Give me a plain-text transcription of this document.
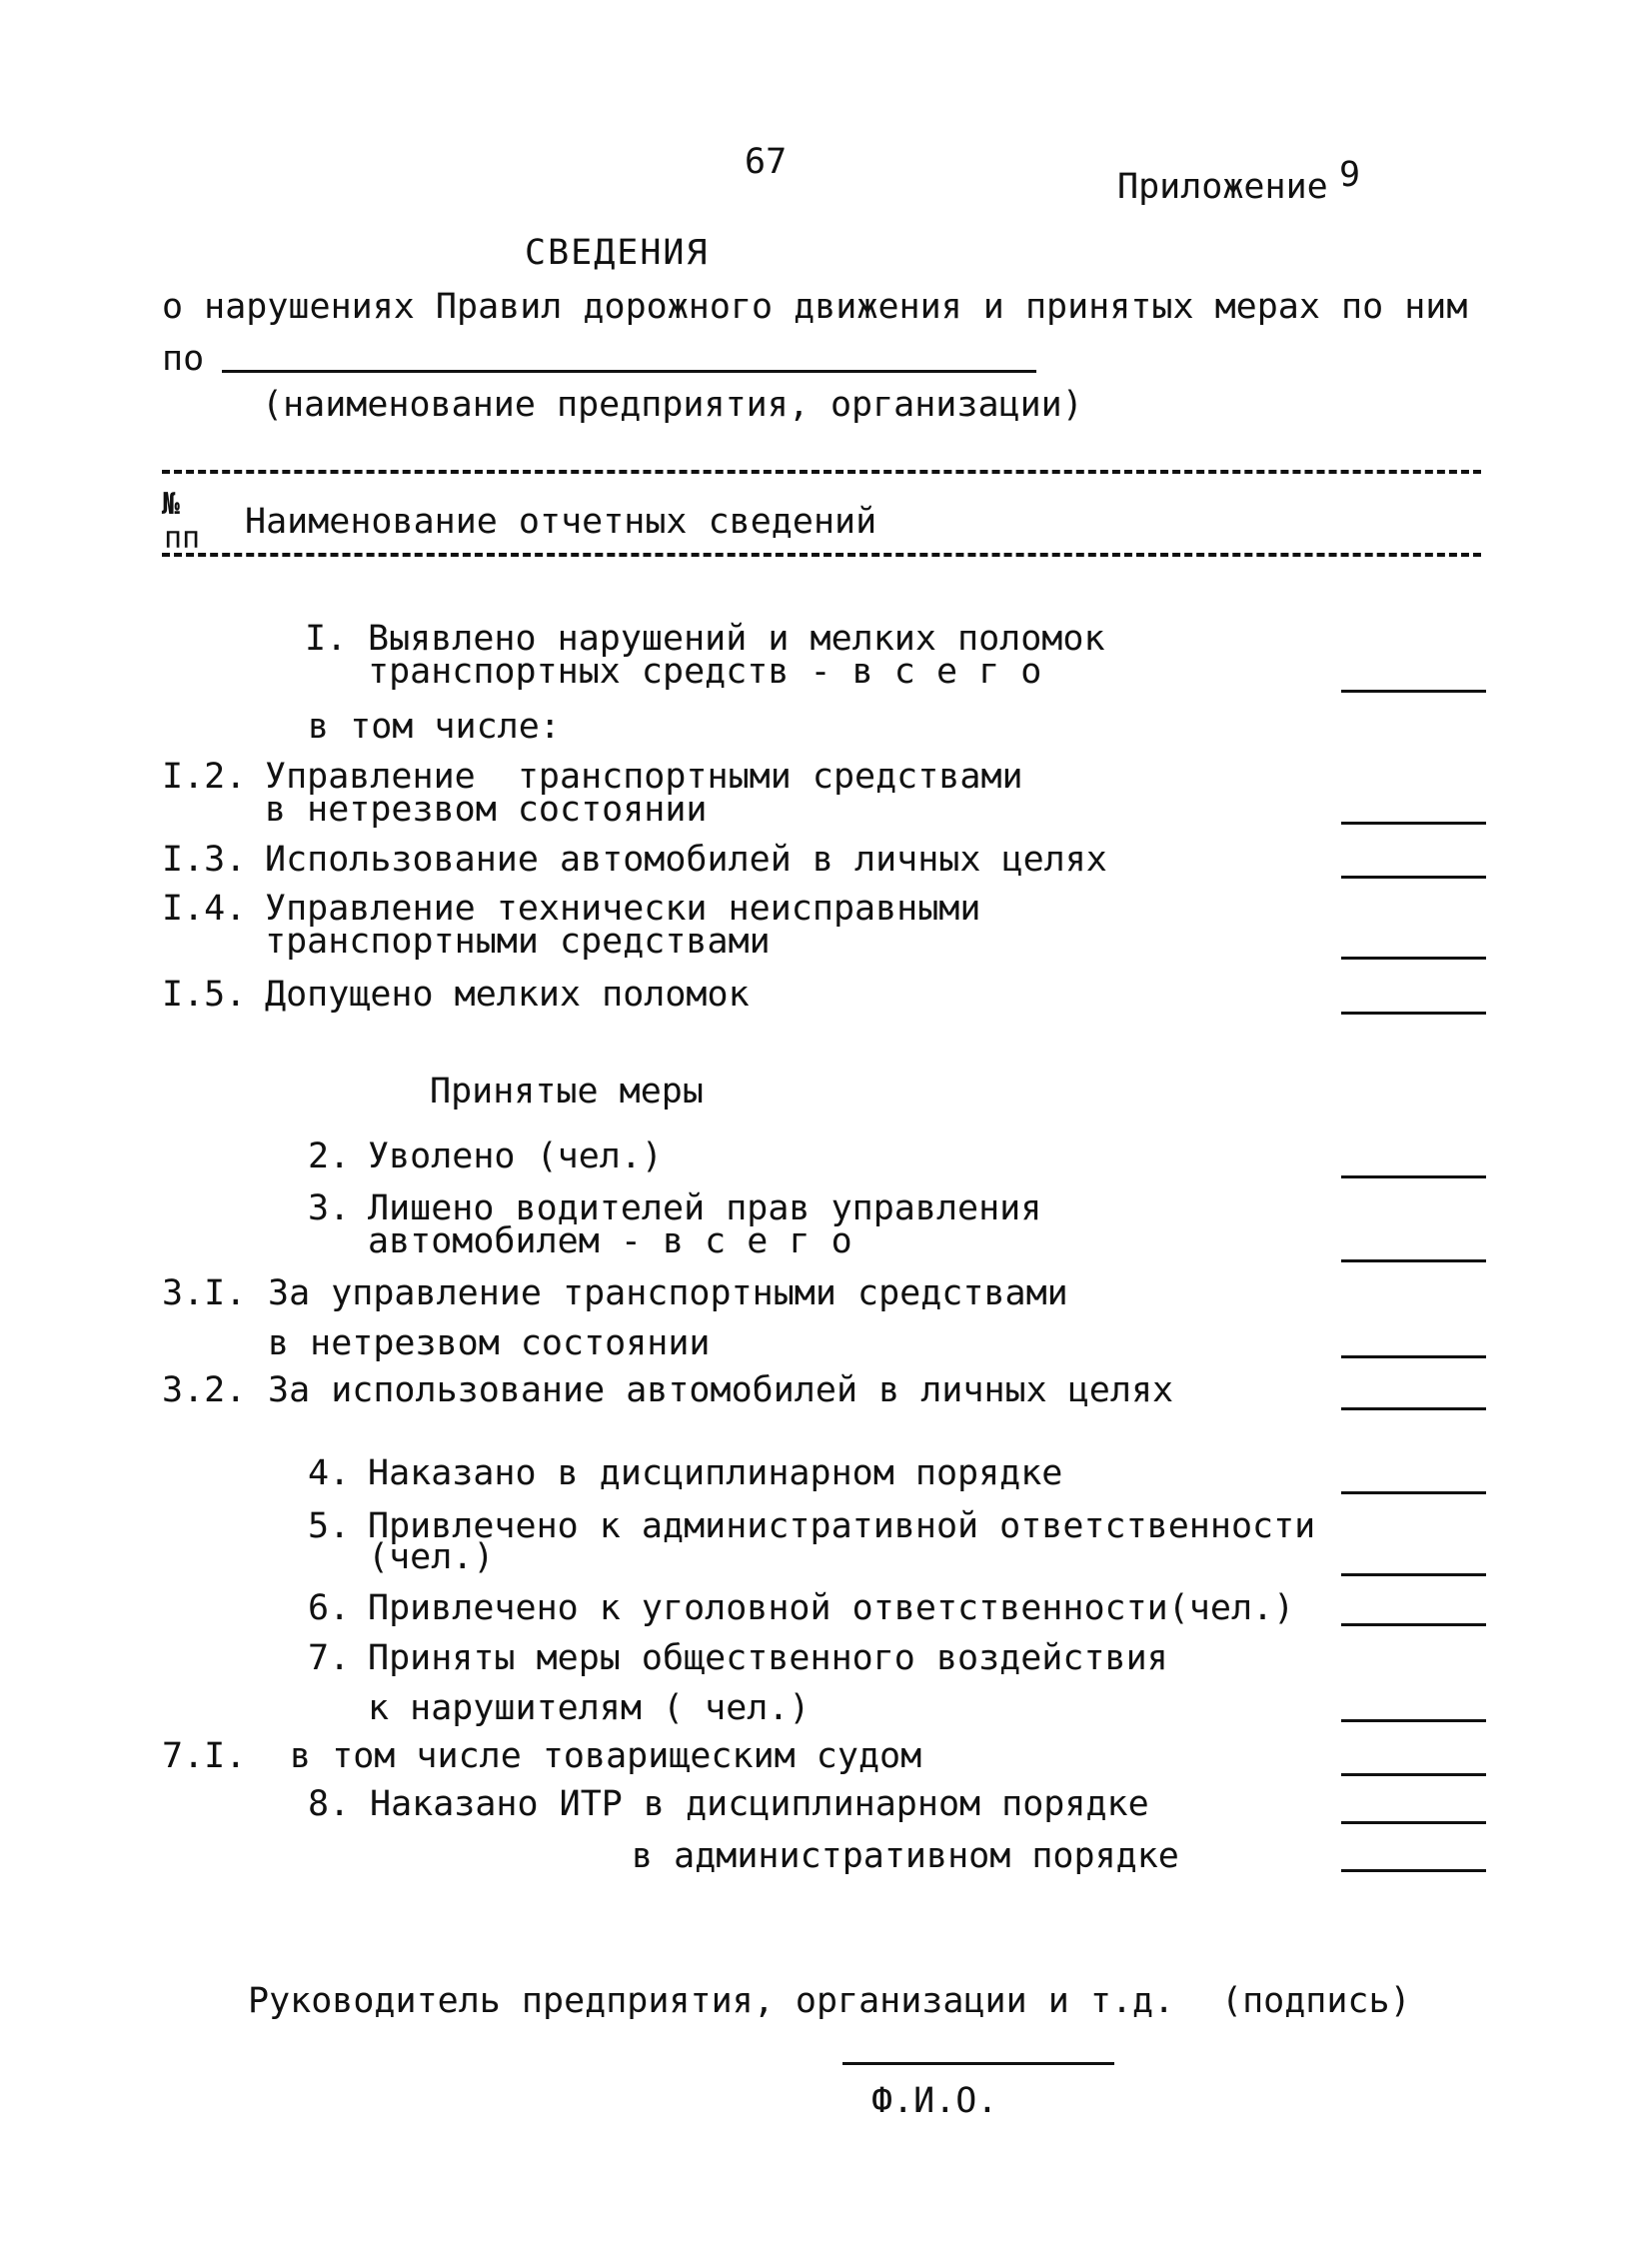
67
Приложение 9
СВЕДЕНИЯ
о нарушениях Правил дорожного движения и принятых мерах по ним
по
(наименование предприятия, организации)
№
пп Наименование отчетных сведений
I. Выявлено нарушений и мелких поломок
транспортных средств - в с е г о
в том числе:
I.2. Управление  транспортными средствами
в нетрезвом состоянии
I.3. Использование автомобилей в личных целях
I.4. Управление технически неисправными
транспортными средствами
I.5. Допущено мелких поломок
Принятые меры
2. Уволено (чел.)
3. Лишено водителей прав управления
автомобилем - в с е г о
3.I. За управление транспортными средствами
в нетрезвом состоянии
3.2. За использование автомобилей в личных целях
4. Наказано в дисциплинарном порядке
5. Привлечено к административной ответственности
(чел.)
6. Привлечено к уголовной ответственности(чел.)
7. Приняты меры общественного воздействия
к нарушителям ( чел.)
7.I. в том числе товарищеским судом
8. Наказано ИТР в дисциплинарном порядке
в административном порядке
Руководитель предприятия, организации и т.д. (подпись)
Ф.И.О.
